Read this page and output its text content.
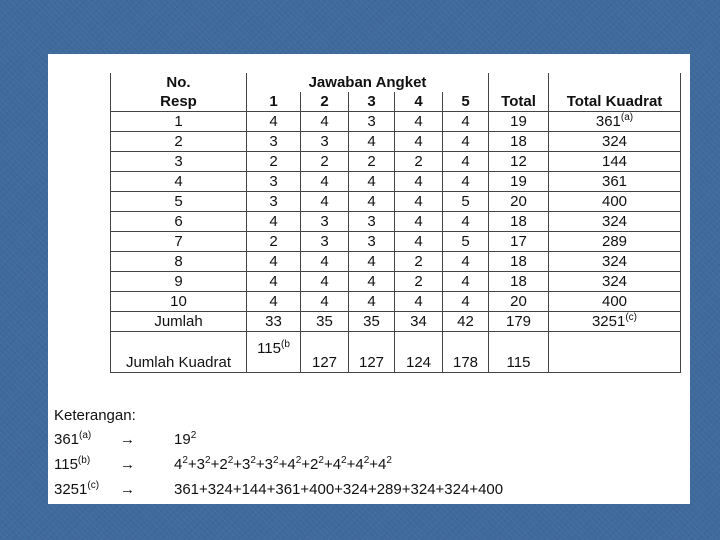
No.	Jawaban Angket						
Resp	1	2	3	4	5	Total	Total Kuadrat
1	4	4	3	4	4	19	361$^{(a)}$
2	3	3	4	4	4	18	324
3	2	2	2	2	4	12	144
4	3	4	4	4	4	19	361
5	3	4	4	4	5	20	400
6	4	3	3	4	4	18	324
7	2	3	3	4	5	17	289
8	4	4	4	2	4	18	324
9	4	4	4	2	4	18	324
10	4	4	4	4	4	20	400
Jumlah	33	35	35	34	42	179	3251$^{(c)}$
Jumlah Kuadrat	115$^{(b}$	127	127	124	178	115	
Keterangan:
$361^{(a)}$ →	$19^2$
$115^{(b)}$ →	$4^2+3^2+2^2+3^2+3^2+4^2+2^2+4^2+4^2+4^2$
$3251^{(c)}$ →	361+324+144+361+400+324+289+324+324+400
